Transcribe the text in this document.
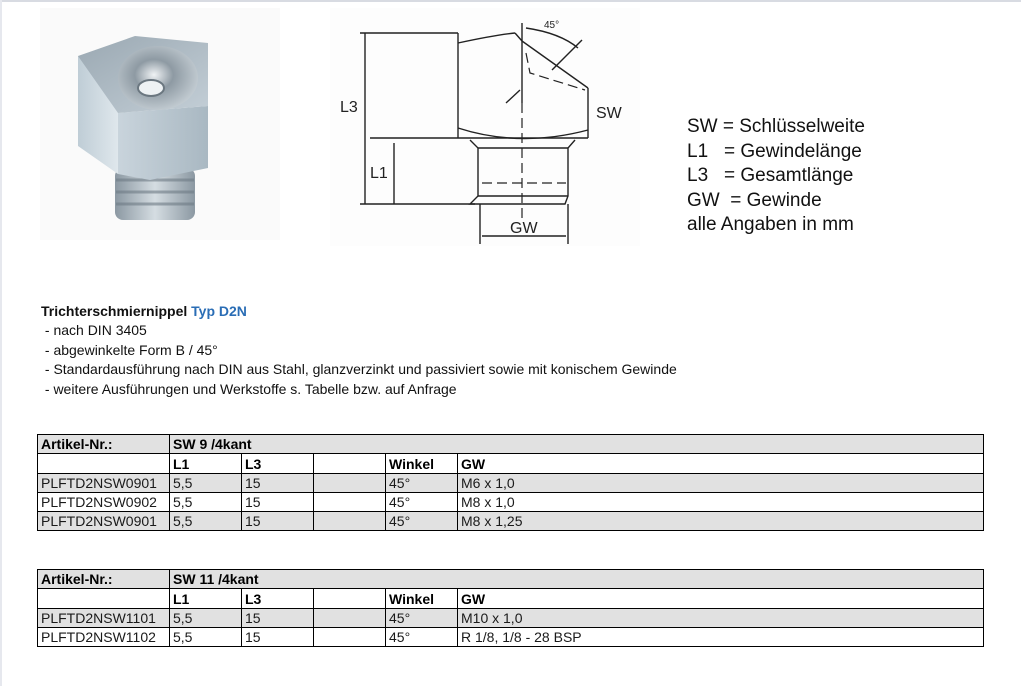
L3
L1
SW
GW
45°
SW = Schlüsselweite
L1   = Gewindelänge
L3   = Gesamtlänge
GW  = Gewinde
alle Angaben in mm
Trichterschmiernippel Typ D2N
- nach DIN 3405
- abgewinkelte Form B / 45°
- Standardausführung nach DIN aus Stahl, glanzverzinkt und passiviert sowie mit konischem Gewinde
- weitere Ausführungen und Werkstoffe s. Tabelle bzw. auf Anfrage
Artikel-Nr.:	SW 9 /4kant				
	L1	L3		Winkel	GW
PLFTD2NSW0901	5,5	15		45°	M6 x 1,0
PLFTD2NSW0902	5,5	15		45°	M8 x 1,0
PLFTD2NSW0901	5,5	15		45°	M8 x 1,25
Artikel-Nr.:	SW 11 /4kant				
	L1	L3		Winkel	GW
PLFTD2NSW1101	5,5	15		45°	M10 x 1,0
PLFTD2NSW1102	5,5	15		45°	R 1/8, 1/8 - 28 BSP
